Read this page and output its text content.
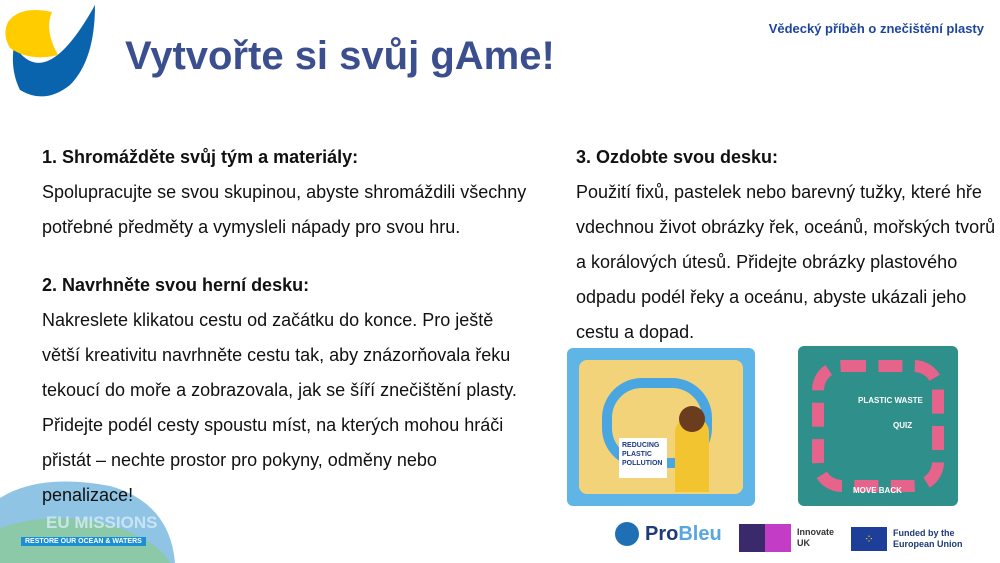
Vytvořte si svůj gAme!
Vědecký příběh o znečištění plasty
1. Shromážděte svůj tým a materiály:

Spolupracujte se svou skupinou, abyste shromáždili všechny potřebné předměty a vymysleli nápady pro svou hru.

2. Navrhněte svou herní desku:

Nakreslete klikatou cestu od začátku do konce. Pro ještě větší kreativitu navrhněte cestu tak, aby znázorňovala řeku tekoucí do moře a zobrazovala, jak se šíří znečištění plasty.

Přidejte podél cesty spoustu míst, na kterých mohou hráči přistát – nechte prostor pro pokyny, odměny nebo penalizace!

3. Ozdobte svou desku:

Použití fixů, pastelek nebo barevný tužky, které hře vdechnou život obrázky řek, oceánů, mořských tvorů a korálových útesů. Přidejte obrázky plastového odpadu podél řeky a oceánu, abyste ukázali jeho cestu a dopad.

EU MISSIONS
RESTORE OUR OCEAN & WATERS
REDUCING PLASTIC POLLUTION
PLASTIC WASTE
QUIZ
MOVE BACK
Pro Bleu	Innovate UK	⁘	Funded by the European Union
